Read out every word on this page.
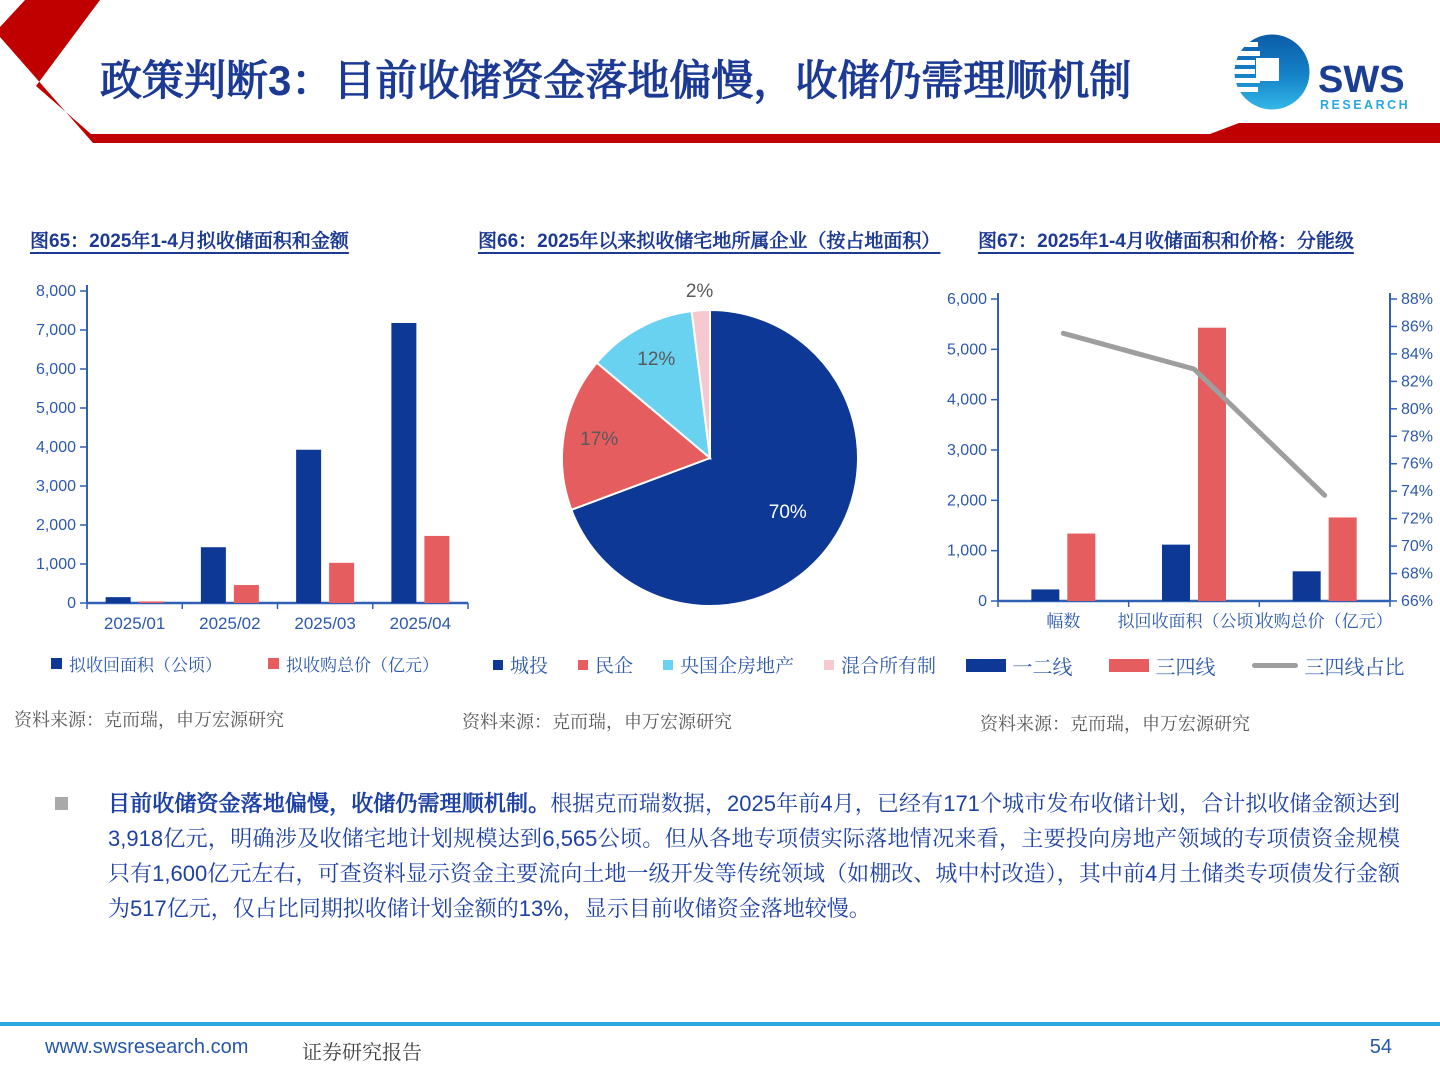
政策判断3：目前收储资金落地偏慢，收储仍需理顺机制	SWS
RESEARCH
图65：2025年1-4月拟收储面积和金额
0
1,000
2,000
3,000
4,000
5,000
6,000
7,000
8,000
2025/01 2025/02 2025/03 2025/04
拟收回面积（公顷）	拟收购总价（亿元）
资料来源：克而瑞，申万宏源研究
图66：2025年以来拟收储宅地所属企业（按占地面积）
70%
17%
12%
2%
城投 民企 央国企房地产 混合所有制
资料来源：克而瑞，申万宏源研究
图67：2025年1-4月收储面积和价格：分能级
0
1,000
2,000
3,000
4,000
5,000
6,000
66%
68%
70%
72%
74%
76%
78%
80%
82%
84%
86%
88%
幅数 拟回收面积（公顷）
收购总价（亿元）
一二线	三四线	三四线占比
资料来源：克而瑞，申万宏源研究

目前收储资金落地偏慢，收储仍需理顺机制。根据克而瑞数据，2025年前4月，已经有171个城市发布收储计划，合计拟收储金额达到3,918亿元，明确涉及收储宅地计划规模达到6,565公顷。但从各地专项债实际落地情况来看，主要投向房地产领域的专项债资金规模只有1,600亿元左右，可查资料显示资金主要流向土地一级开发等传统领域（如棚改、城中村改造），其中前4月土储类专项债发行金额为517亿元，仅占比同期拟收储计划金额的13%，显示目前收储资金落地较慢。

www.swsresearch.com	证券研究报告	54
